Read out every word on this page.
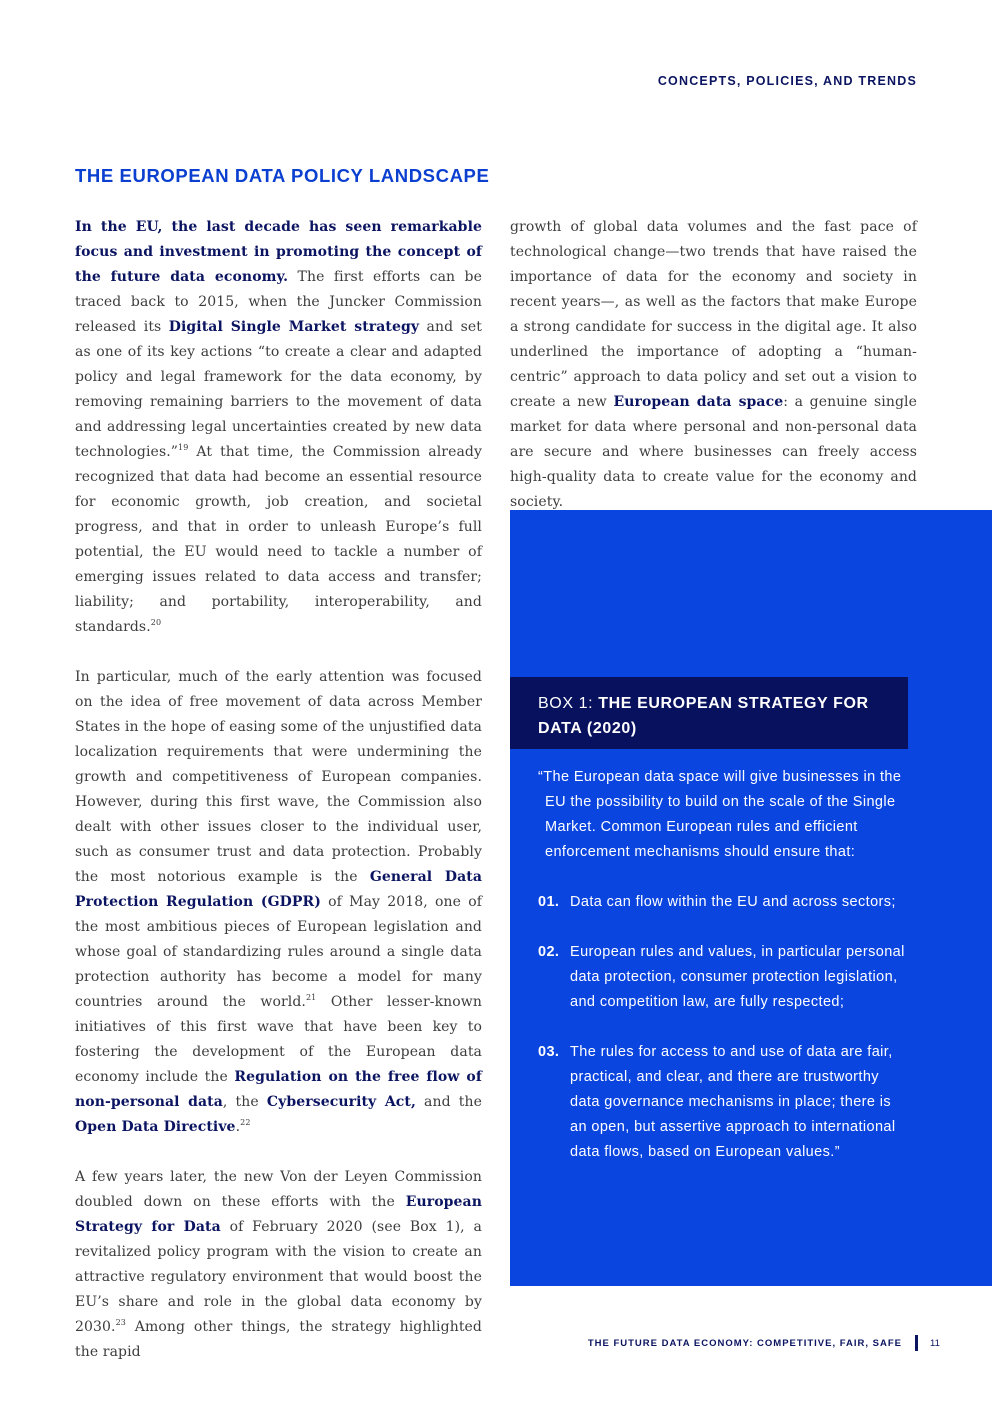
CONCEPTS, POLICIES, AND TRENDS
THE EUROPEAN DATA POLICY LANDSCAPE

In the EU, the last decade has seen remarkable focus and investment in promoting the concept of the future data economy. The first efforts can be traced back to 2015, when the Juncker Commission released its Digital Single Market strategy and set as one of its key actions “to create a clear and adapted policy and legal framework for the data economy, by removing remaining barriers to the movement of data and addressing legal uncertainties created by new data technologies.”$^{19}$ At that time, the Commission already recognized that data had become an essential resource for economic growth, job creation, and societal progress, and that in order to unleash Europe’s full potential, the EU would need to tackle a number of emerging issues related to data access and transfer; liability; and portability, interoperability, and standards.$^{20}$

In particular, much of the early attention was focused on the idea of free movement of data across Member States in the hope of easing some of the unjustified data localization requirements that were undermining the growth and competitiveness of European companies. However, during this first wave, the Commission also dealt with other issues closer to the individual user, such as consumer trust and data protection. Probably the most notorious example is the General Data Protection Regulation (GDPR) of May 2018, one of the most ambitious pieces of European legislation and whose goal of standardizing rules around a single data protection authority has become a model for many countries around the world.$^{21}$ Other lesser-known initiatives of this first wave that have been key to fostering the development of the European data economy include the Regulation on the free flow of non-personal data, the Cybersecurity Act, and the Open Data Directive.$^{22}$

A few years later, the new Von der Leyen Commission doubled down on these efforts with the European Strategy for Data of February 2020 (see Box 1), a revitalized policy program with the vision to create an attractive regulatory environment that would boost the EU’s share and role in the global data economy by 2030.23 Among other things, the strategy highlighted the rapid

growth of global data volumes and the fast pace of technological change—two trends that have raised the importance of data for the economy and society in recent years—, as well as the factors that make Europe a strong candidate for success in the digital age. It also underlined the importance of adopting a “human-centric” approach to data policy and set out a vision to create a new European data space: a genuine single market for data where personal and non-personal data are secure and where businesses can freely access high-quality data to create value for the economy and society.

BOX 1: THE EUROPEAN STRATEGY FOR DATA (2020)

“The European data space will give businesses in the EU the possibility to build on the scale of the Single Market. Common European rules and efficient enforcement mechanisms should ensure that:

01. Data can flow within the EU and across sectors;
02. European rules and values, in particular personal data protection, consumer protection legislation, and competition law, are fully respected;
03. The rules for access to and use of data are fair, practical, and clear, and there are trustworthy data governance mechanisms in place; there is an open, but assertive approach to international data flows, based on European values.”
THE FUTURE DATA ECONOMY: COMPETITIVE, FAIR, SAFE	11
